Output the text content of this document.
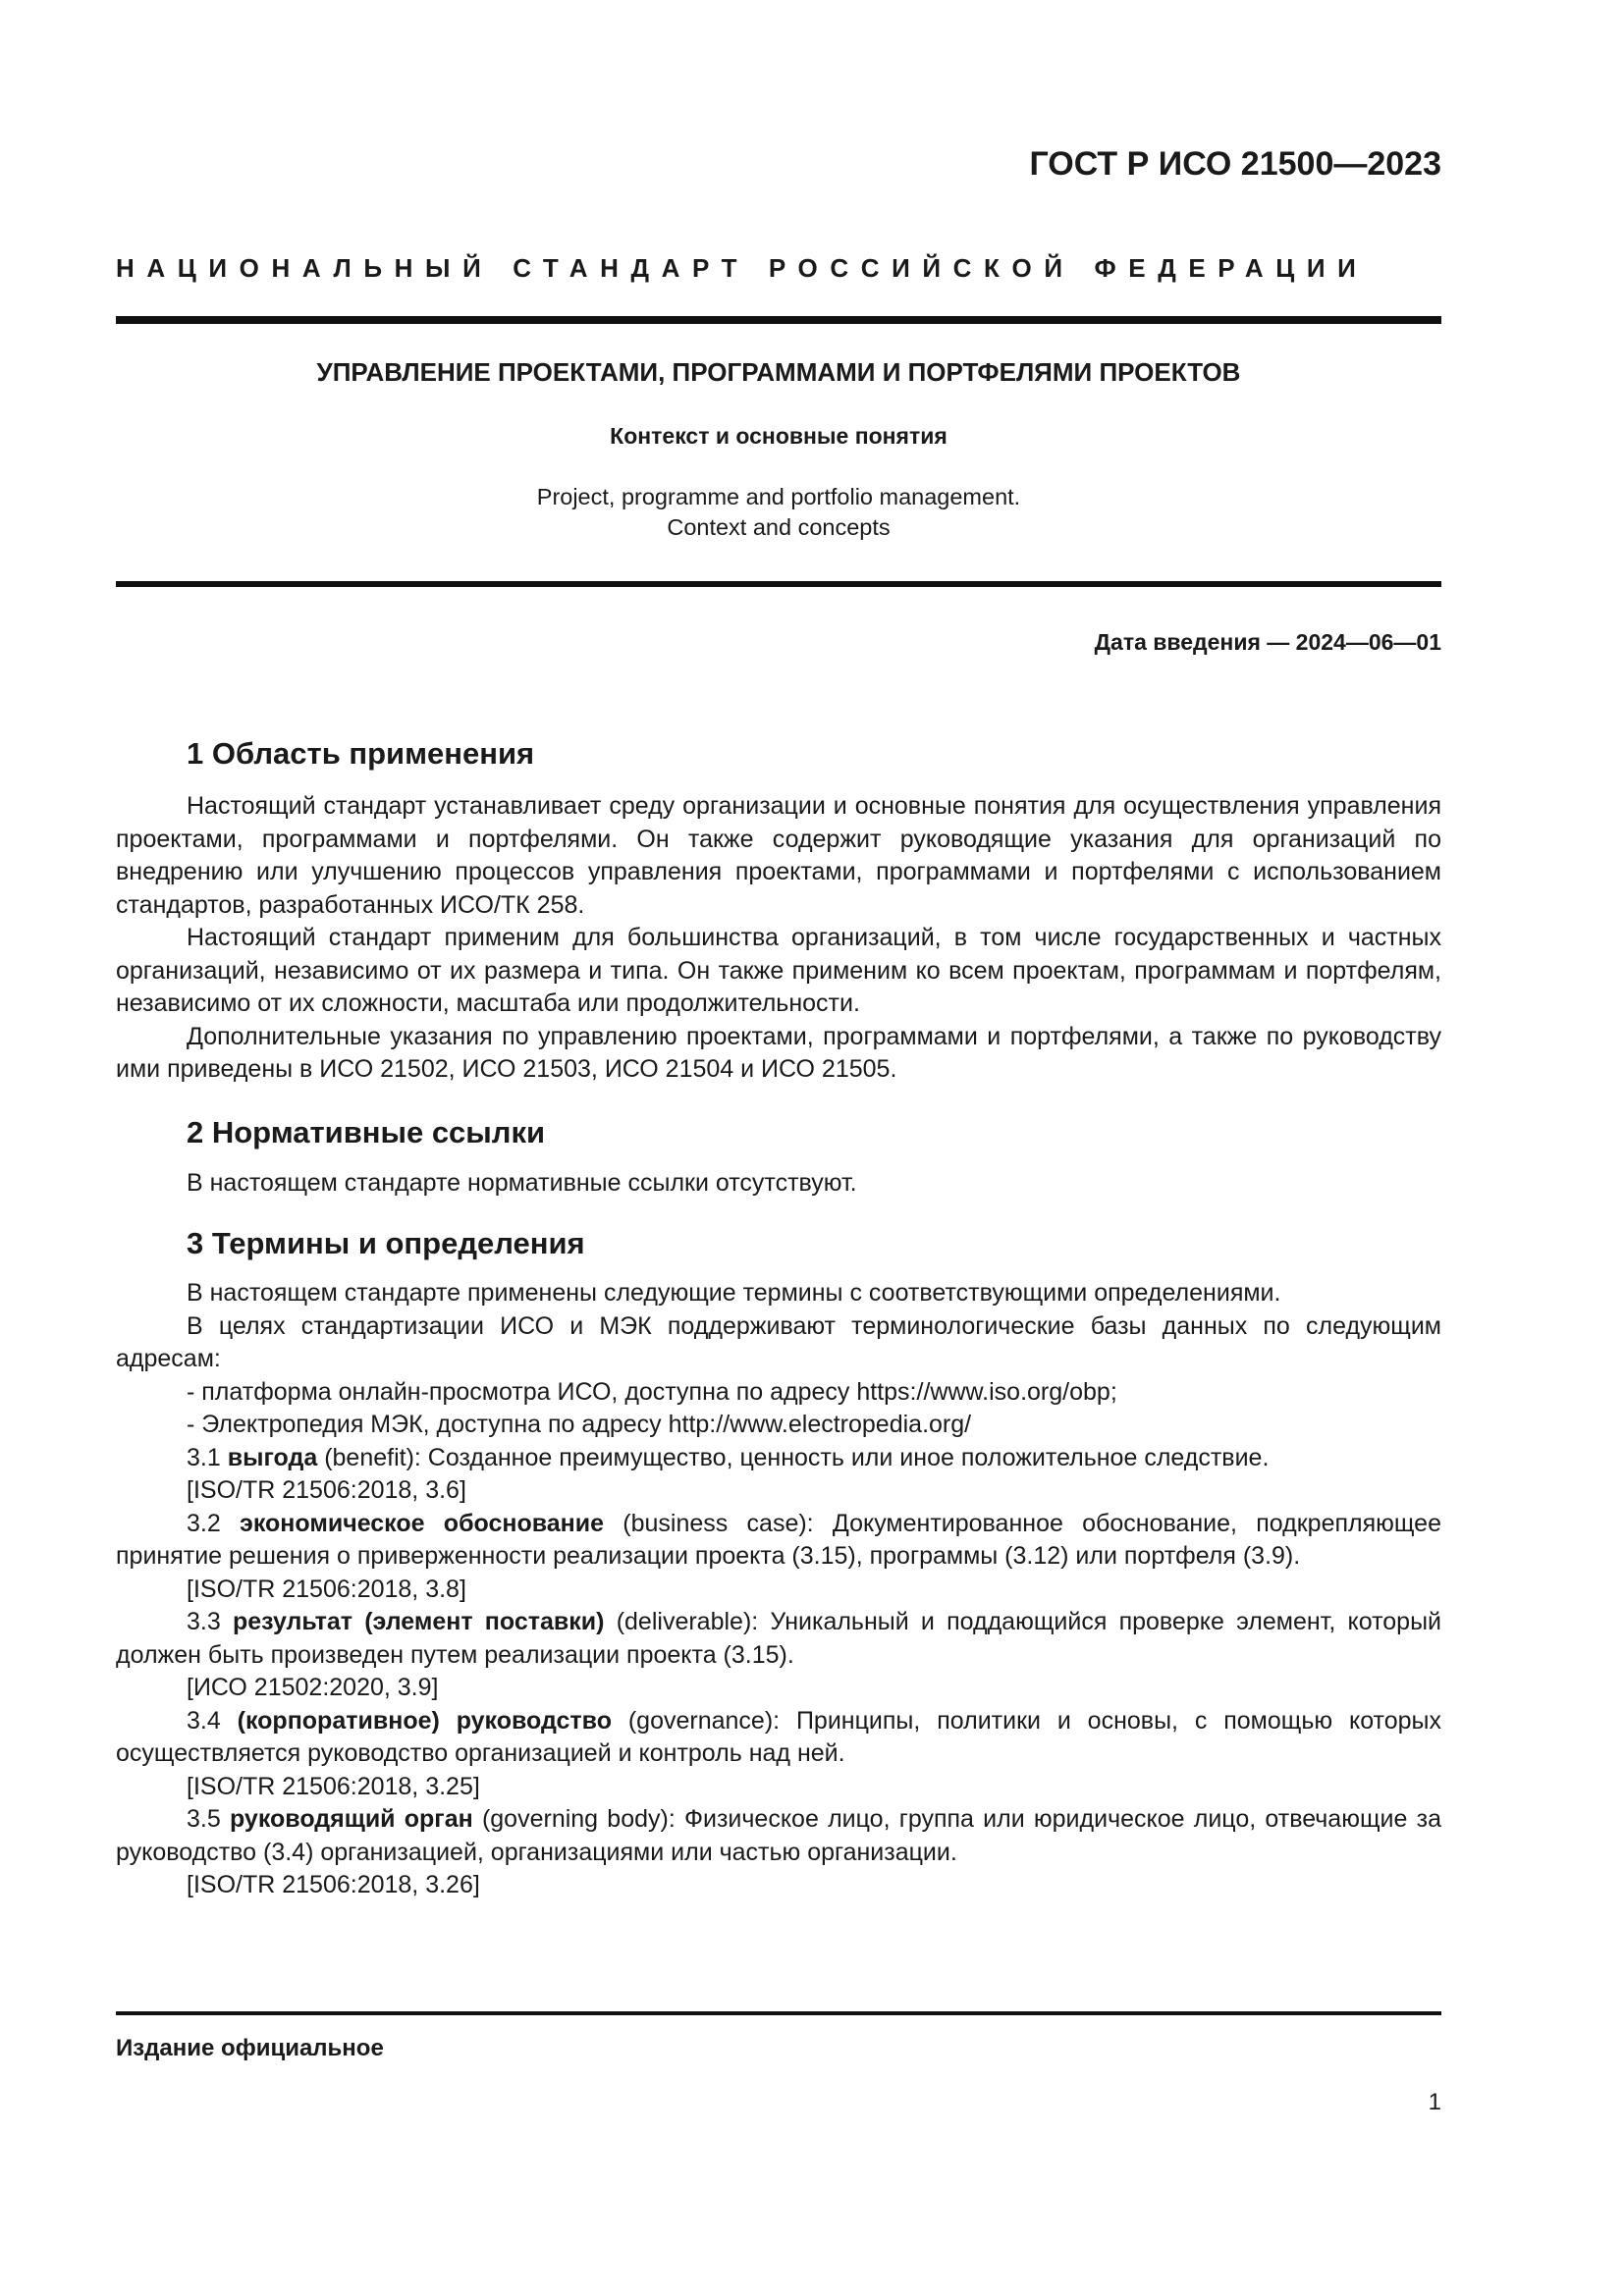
ГОСТ Р ИСО 21500—2023
НАЦИОНАЛЬНЫЙ СТАНДАРТ РОССИЙСКОЙ ФЕДЕРАЦИИ
УПРАВЛЕНИЕ ПРОЕКТАМИ, ПРОГРАММАМИ И ПОРТФЕЛЯМИ ПРОЕКТОВ
Контекст и основные понятия
Project, programme and portfolio management.
Context and concepts
Дата введения — 2024—06—01
1 Область применения

Настоящий стандарт устанавливает среду организации и основные понятия для осуществления управления проектами, программами и портфелями. Он также содержит руководящие указания для организаций по внедрению или улучшению процессов управления проектами, программами и портфелями с использованием стандартов, разработанных ИСО/ТК 258.

Настоящий стандарт применим для большинства организаций, в том числе государственных и частных организаций, независимо от их размера и типа. Он также применим ко всем проектам, программам и портфелям, независимо от их сложности, масштаба или продолжительности.

Дополнительные указания по управлению проектами, программами и портфелями, а также по руководству ими приведены в ИСО 21502, ИСО 21503, ИСО 21504 и ИСО 21505.

2 Нормативные ссылки

В настоящем стандарте нормативные ссылки отсутствуют.

3 Термины и определения

В настоящем стандарте применены следующие термины с соответствующими определениями.

В целях стандартизации ИСО и МЭК поддерживают терминологические базы данных по следующим адресам:

- платформа онлайн-просмотра ИСО, доступна по адресу https://www.iso.org/obp;

- Электропедия МЭК, доступна по адресу http://www.electropedia.org/

3.1 выгода (benefit): Созданное преимущество, ценность или иное положительное следствие.

[ISO/TR 21506:2018, 3.6]

3.2 экономическое обоснование (business case): Документированное обоснование, подкрепляющее принятие решения о приверженности реализации проекта (3.15), программы (3.12) или портфеля (3.9).

[ISO/TR 21506:2018, 3.8]

3.3 результат (элемент поставки) (deliverable): Уникальный и поддающийся проверке элемент, который должен быть произведен путем реализации проекта (3.15).

[ИСО 21502:2020, 3.9]

3.4 (корпоративное) руководство (governance): Принципы, политики и основы, с помощью которых осуществляется руководство организацией и контроль над ней.

[ISO/TR 21506:2018, 3.25]

3.5 руководящий орган (governing body): Физическое лицо, группа или юридическое лицо, отвечающие за руководство (3.4) организацией, организациями или частью организации.

[ISO/TR 21506:2018, 3.26]

Издание официальное
1
